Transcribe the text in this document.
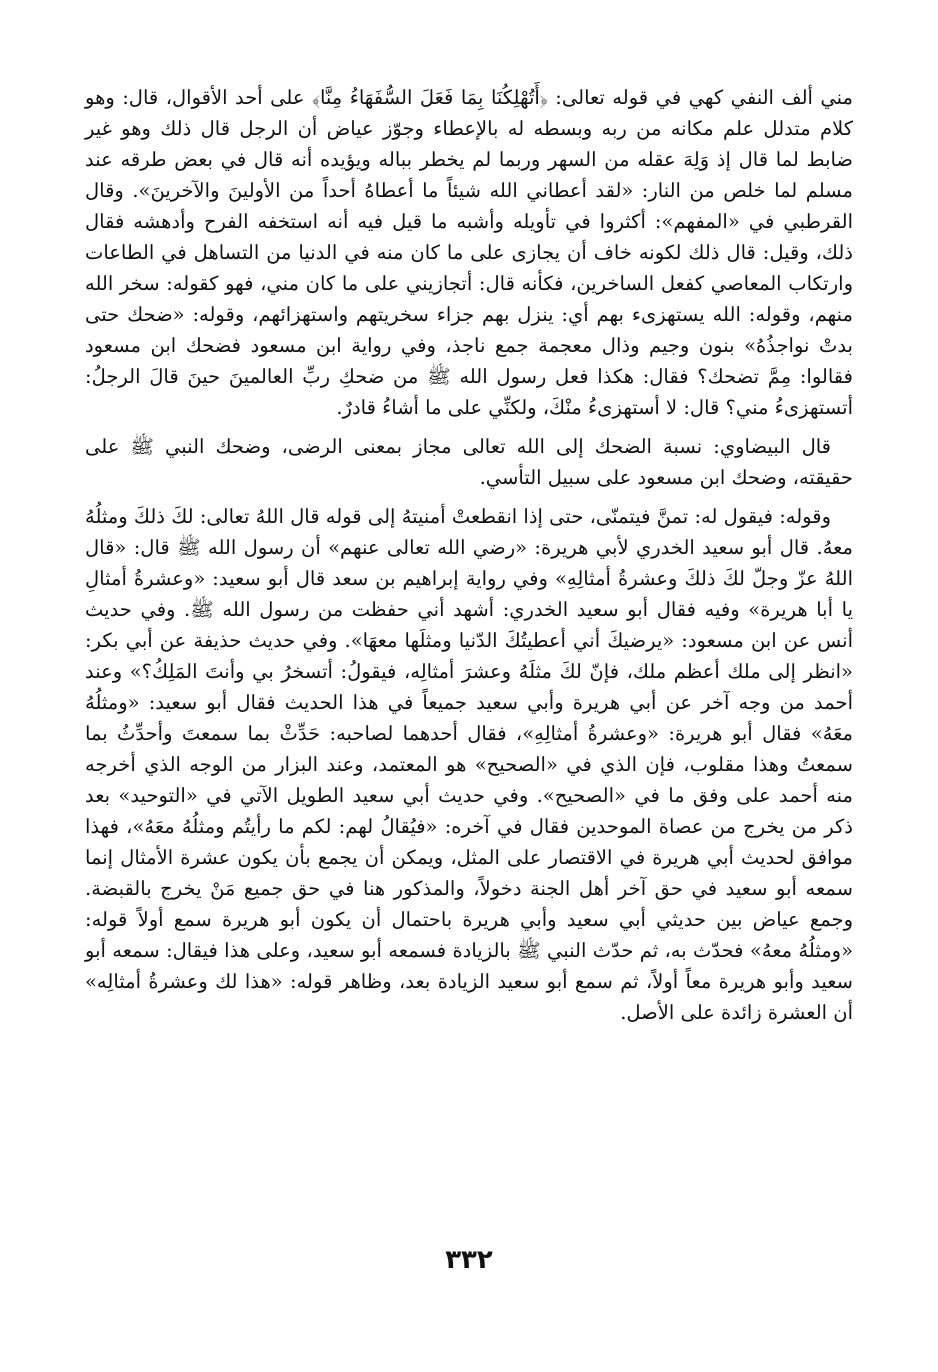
مني ألف النفي كهي في قوله تعالى: ﴿أَتُهْلِكُنَا بِمَا فَعَلَ السُّفَهَاءُ مِنَّا﴾ على أحد الأقوال، قال: وهو كلام متدلل علم مكانه من ربه وبسطه له بالإعطاء وجوّز عياض أن الرجل قال ذلك وهو غير ضابط لما قال إذ وَلِهَ عقله من السهر وربما لم يخطر بباله ويؤيده أنه قال في بعض طرقه عند مسلم لما خلص من النار: «لقد أعطاني الله شيئاً ما أعطاهُ أحداً من الأولينَ والآخرينَ». وقال القرطبي في «المفهم»: أكثروا في تأويله وأشبه ما قيل فيه أنه استخفه الفرح وأدهشه فقال ذلك، وقيل: قال ذلك لكونه خاف أن يجازى على ما كان منه في الدنيا من التساهل في الطاعات وارتكاب المعاصي كفعل الساخرين، فكأنه قال: أتجازيني على ما كان مني، فهو كقوله: سخر الله منهم، وقوله: الله يستهزىء بهم أي: ينزل بهم جزاء سخريتهم واستهزائهم، وقوله: «ضحك حتى بدتْ نواجذُهُ» بنون وجيم وذال معجمة جمع ناجذ، وفي رواية ابن مسعود فضحك ابن مسعود فقالوا: مِمَّ تضحك؟ فقال: هكذا فعل رسول الله ﷺ من ضحكِ ربِّ العالمينَ حينَ قالَ الرجلُ: أتستهزىءُ مني؟ قال: لا أستهزىءُ منْكَ، ولكنِّي على ما أشاءُ قادرٌ.

قال البيضاوي: نسبة الضحك إلى الله تعالى مجاز بمعنى الرضى، وضحك النبي ﷺ على حقيقته، وضحك ابن مسعود على سبيل التأسي.

وقوله: فيقول له: تمنَّ فيتمنّى، حتى إذا انقطعتْ أمنيتهُ إلى قوله قال اللهُ تعالى: لكَ ذلكَ ومثلُهُ معهُ. قال أبو سعيد الخدري لأبي هريرة: «رضي الله تعالى عنهم» أن رسول الله ﷺ قال: «قال اللهُ عزّ وجلّ لكَ ذلكَ وعشرةُ أمثالِهِ» وفي رواية إبراهيم بن سعد قال أبو سعيد: «وعشرةُ أمثالِ يا أبا هريرة» وفيه فقال أبو سعيد الخدري: أشهد أني حفظت من رسول الله ﷺ. وفي حديث أنس عن ابن مسعود: «يرضيكَ أني أعطيتُكَ الدّنيا ومثلَها معهَا». وفي حديث حذيفة عن أبي بكر: «انظر إلى ملك أعظم ملك، فإنّ لكَ مثلَهُ وعشرَ أمثالِه، فيقولُ: أتسخرُ بي وأنتَ المَلِكُ؟» وعند أحمد من وجه آخر عن أبي هريرة وأبي سعيد جميعاً في هذا الحديث فقال أبو سعيد: «ومثلُهُ معَهُ» فقال أبو هريرة: «وعشرةُ أمثالِهِ»، فقال أحدهما لصاحبه: حَدِّثْ بما سمعتَ وأحدِّثُ بما سمعتُ وهذا مقلوب، فإن الذي في «الصحيح» هو المعتمد، وعند البزار من الوجه الذي أخرجه منه أحمد على وفق ما في «الصحيح». وفي حديث أبي سعيد الطويل الآتي في «التوحيد» بعد ذكر من يخرج من عصاة الموحدين فقال في آخره: «فيُقالُ لهم: لكم ما رأيتُم ومثلُهُ معَهُ»، فهذا موافق لحديث أبي هريرة في الاقتصار على المثل، ويمكن أن يجمع بأن يكون عشرة الأمثال إنما سمعه أبو سعيد في حق آخر أهل الجنة دخولاً، والمذكور هنا في حق جميع مَنْ يخرج بالقبضة. وجمع عياض بين حديثي أبي سعيد وأبي هريرة باحتمال أن يكون أبو هريرة سمع أولاً قوله: «ومثلُهُ معهُ» فحدّث به، ثم حدّث النبي ﷺ بالزيادة فسمعه أبو سعيد، وعلى هذا فيقال: سمعه أبو سعيد وأبو هريرة معاً أولاً، ثم سمع أبو سعيد الزيادة بعد، وظاهر قوله: «هذا لك وعشرةُ أمثالِه» أن العشرة زائدة على الأصل.

٣٣٢
